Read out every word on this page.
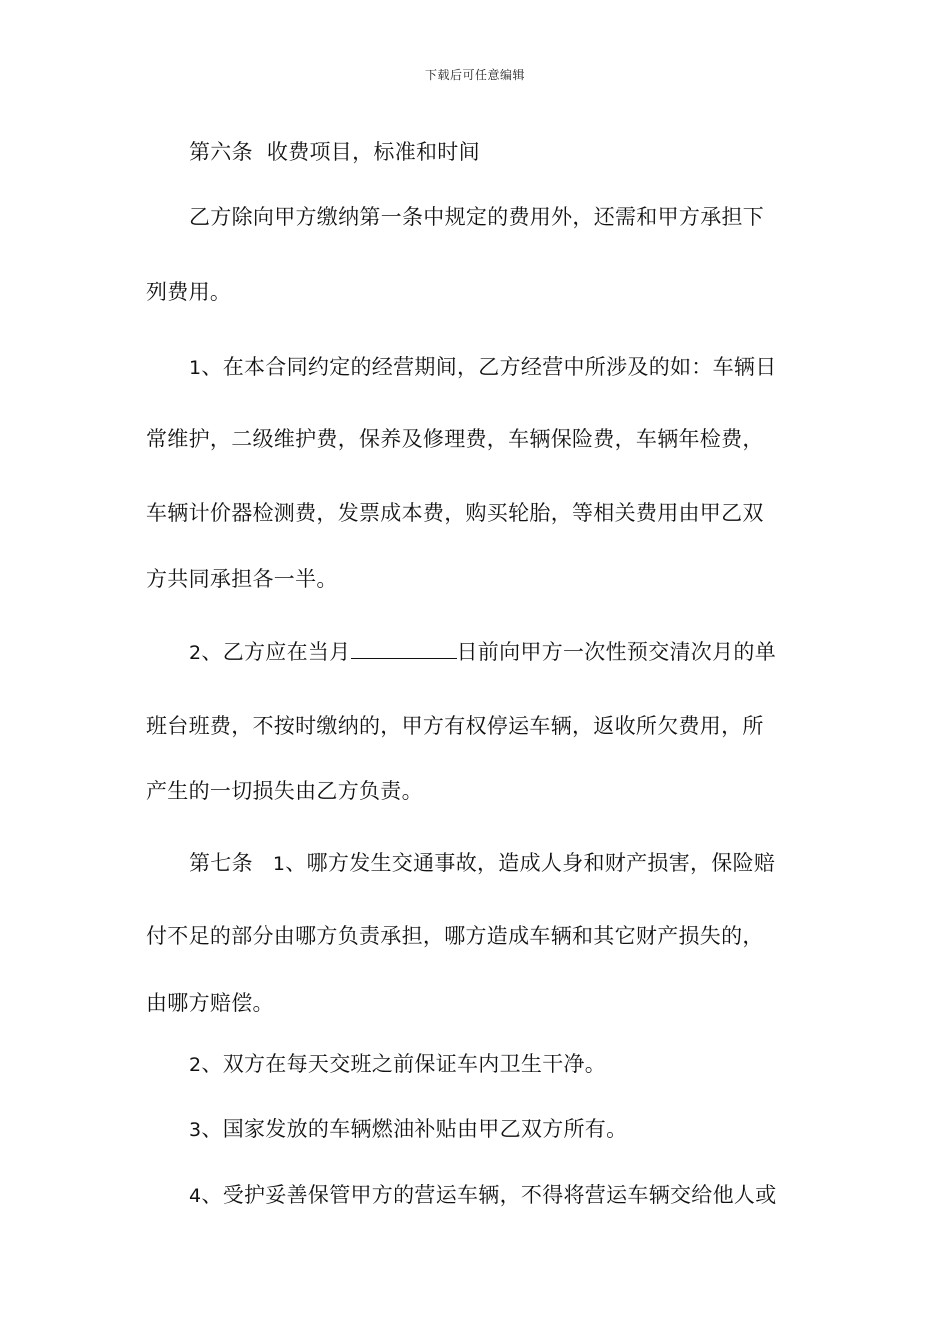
下载后可任意编辑
第六条 收费项目，标准和时间
乙方除向甲方缴纳第一条中规定的费用外，还需和甲方承担下
列费用。
1、在本合同约定的经营期间，乙方经营中所涉及的如：车辆日
常维护，二级维护费，保养及修理费，车辆保险费，车辆年检费，
车辆计价器检测费，发票成本费，购买轮胎，等相关费用由甲乙双
方共同承担各一半。
2、乙方应在当月	日前向甲方一次性预交清次月的单
班台班费，不按时缴纳的，甲方有权停运车辆，返收所欠费用，所
产生的一切损失由乙方负责。
第七条 1、哪方发生交通事故，造成人身和财产损害，保险赔
付不足的部分由哪方负责承担，哪方造成车辆和其它财产损失的，
由哪方赔偿。
2、双方在每天交班之前保证车内卫生干净。
3、国家发放的车辆燃油补贴由甲乙双方所有。
4、受护妥善保管甲方的营运车辆，不得将营运车辆交给他人或
